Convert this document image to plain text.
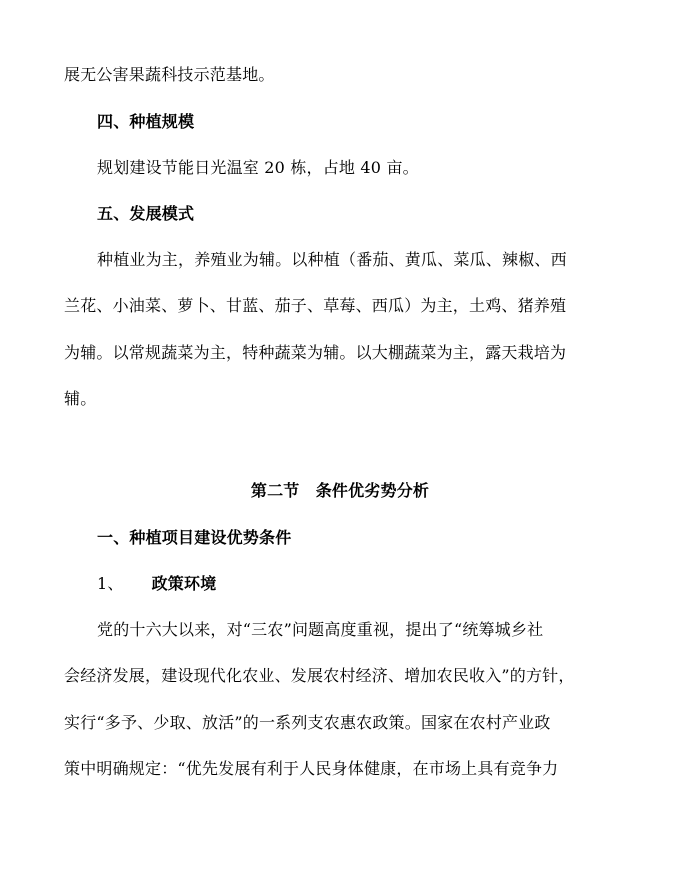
展无公害果蔬科技示范基地。
四、种植规模
规划建设节能日光温室 20 栋，占地 40 亩。
五、发展模式
种植业为主，养殖业为辅。以种植（番茄、黄瓜、菜瓜、辣椒、西
兰花、小油菜、萝卜、甘蓝、茄子、草莓、西瓜）为主，土鸡、猪养殖
为辅。以常规蔬菜为主，特种蔬菜为辅。以大棚蔬菜为主，露天栽培为
辅。
第二节　条件优劣势分析
一、种植项目建设优势条件
1、 政策环境
党的十六大以来，对“三农”问题高度重视，提出了“统筹城乡社
会经济发展，建设现代化农业、发展农村经济、增加农民收入”的方针，
实行“多予、少取、放活”的一系列支农惠农政策。国家在农村产业政
策中明确规定：“优先发展有利于人民身体健康，在市场上具有竞争力
